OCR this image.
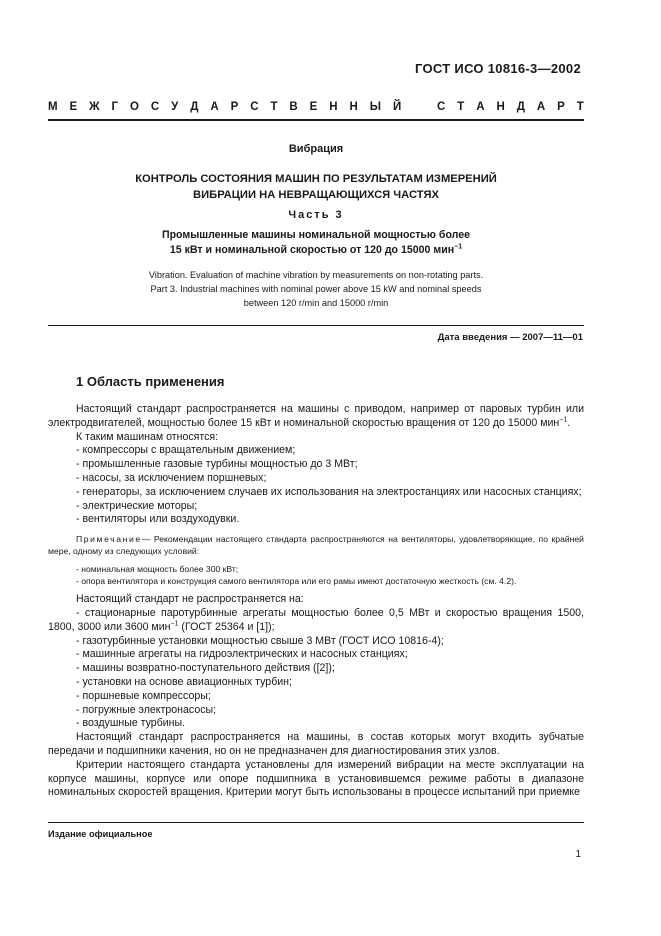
ГОСТ ИСО 10816-3—2002
М Е Ж Г О С У Д А Р С Т В Е Н Н Ы Й	С Т А Н Д А Р Т
Вибрация
КОНТРОЛЬ СОСТОЯНИЯ МАШИН ПО РЕЗУЛЬТАТАМ ИЗМЕРЕНИЙ
ВИБРАЦИИ НА НЕВРАЩАЮЩИХСЯ ЧАСТЯХ
Часть 3
Промышленные машины номинальной мощностью более
15 кВт и номинальной скоростью от 120 до 15000 мин$^{-1}$
Vibration. Evaluation of machine vibration by measurements on non-rotating parts.
Part 3. Industrial machines with nominal power above 15 kW and nominal speeds
between 120 r/min and 15000 r/min
Дата введения — 2007—11—01
1 Область применения

Настоящий стандарт распространяется на машины с приводом, например от паровых турбин или электродвигателей, мощностью более 15 кВт и номинальной скоростью вращения от 120 до 15000 мин$^{-1}$.

К таким машинам относятся:

- компрессоры с вращательным движением;

- промышленные газовые турбины мощностью до 3 МВт;

- насосы, за исключением поршневых;

- генераторы, за исключением случаев их использования на электростанциях или насосных станциях;

- электрические моторы;

- вентиляторы или воздуходувки.

Примечание— Рекомендации настоящего стандарта распространяются на вентиляторы, удовлетворяющие, по крайней мере, одному из следующих условий:

- номинальная мощность более 300 кВт;

- опора вентилятора и конструкция самого вентилятора или его рамы имеют достаточную жесткость (см. 4.2).

Настоящий стандарт не распространяется на:

- стационарные паротурбинные агрегаты мощностью более 0,5 МВт и скоростью вращения 1500, 1800, 3000 или 3600 мин$^{-1}$ (ГОСТ 25364 и [1]);

- газотурбинные установки мощностью свыше 3 МВт (ГОСТ ИСО 10816-4);

- машинные агрегаты на гидроэлектрических и насосных станциях;

- машины возвратно-поступательного действия ([2]);

- установки на основе авиационных турбин;

- поршневые компрессоры;

- погружные электронасосы;

- воздушные турбины.

Настоящий стандарт распространяется на машины, в состав которых могут входить зубчатые передачи и подшипники качения, но он не предназначен для диагностирования этих узлов.

Критерии настоящего стандарта установлены для измерений вибрации на месте эксплуатации на корпусе машины, корпусе или опоре подшипника в установившемся режиме работы в диапазоне номинальных скоростей вращения. Критерии могут быть использованы в процессе испытаний при приемке

Издание официальное
1
